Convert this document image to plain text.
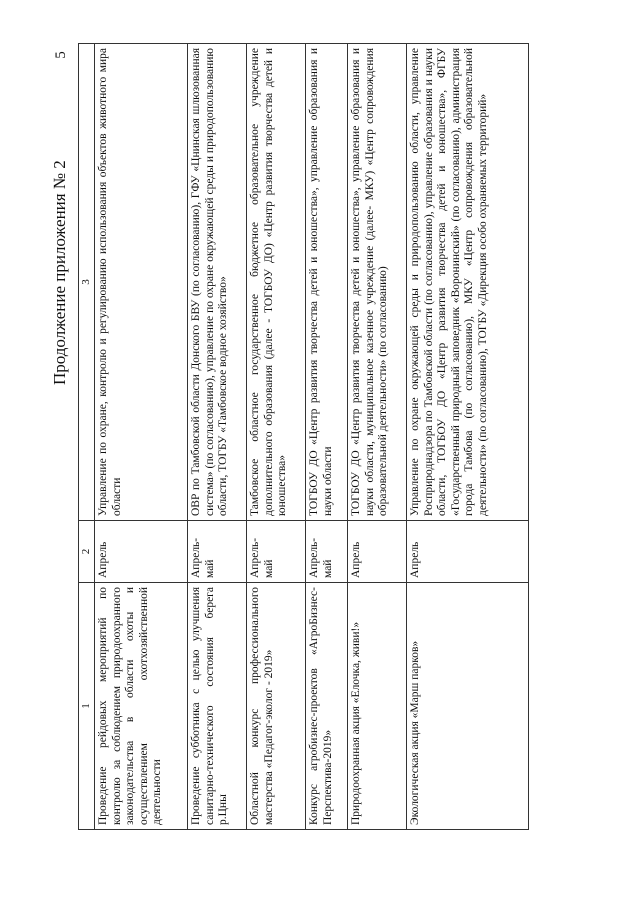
5
Продолжение приложения № 2
1	2	3
Проведение рейдовых мероприятий по контролю за соблюдением природоохранного законодательства в области охоты и осуществлением охотхозяйственной деятельности	Апрель	Управление по охране, контролю и регулированию использования объектов животного мира области
Проведение субботника с целью улучшения санитарно-технического состояния берега р.Цны	Апрель-май	ОВР по Тамбовской области Донского БВУ (по согласованию), ГФУ «Цнинская шлюзованная система» (по согласованию), управление по охране окружающей среды и природопользованию области, ТОГБУ «Тамбовское водное хозяйство»
Областной конкурс профессионального мастерства «Педагог-эколог - 2019»	Апрель-май	Тамбовское областное государственное бюджетное образовательное учреждение дополнительного образования (далее - ТОГБОУ ДО) «Центр развития творчества детей и юношества»
Конкурс агробизнес-проектов «АгроБизнес-Перспектива-2019»	Апрель-май	ТОГБОУ ДО «Центр развития творчества детей и юношества», управление образования и науки области
Природоохранная акция «Елочка, живи!»	Апрель	ТОГБОУ ДО «Центр развития творчества детей и юношества», управление образования и науки области, муниципальное казенное учреждение (далее- МКУ) «Центр сопровождения образовательной деятельности» (по согласованию)
Экологическая акция «Марш парков»	Апрель	Управление по охране окружающей среды и природопользованию области, управление Росприроднадзора по Тамбовской области (по согласованию), управление образования и науки области, ТОГБОУ ДО «Центр развития творчества детей и юношества», ФГБУ «Государственный природный заповедник «Воронинский» (по согласованию), администрация города Тамбова (по согласованию), МКУ «Центр сопровождения образовательной деятельности» (по согласованию), ТОГБУ «Дирекция особо охраняемых территорий»
